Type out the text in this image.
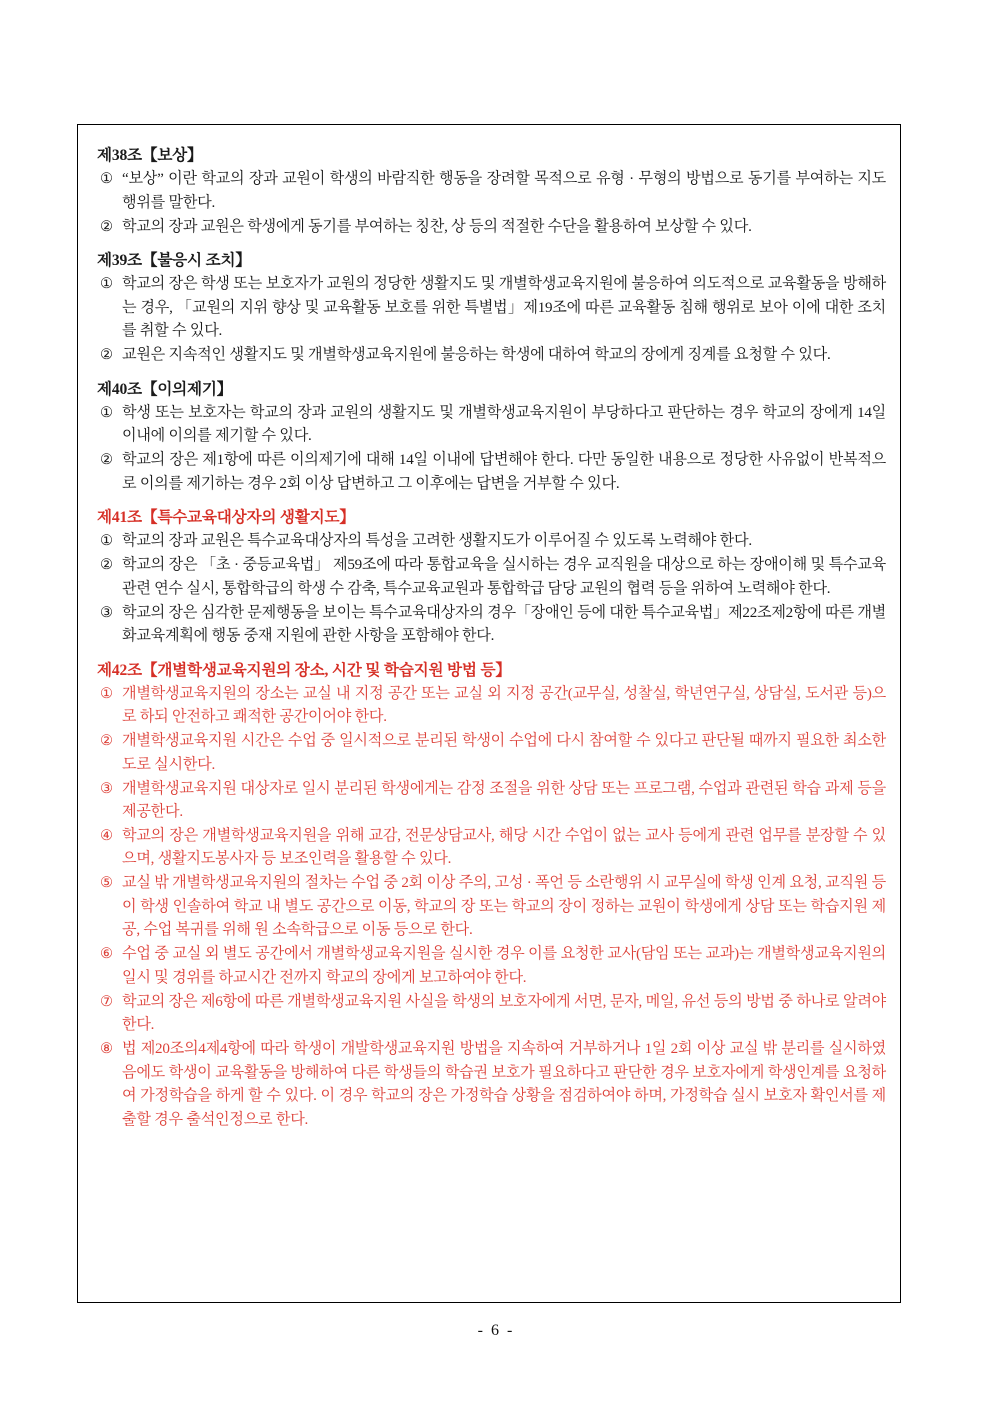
제38조【보상】
① “보상” 이란 학교의 장과 교원이 학생의 바람직한 행동을 장려할 목적으로 유형 · 무형의 방법으로 동기를 부여하는 지도 행위를 말한다.
② 학교의 장과 교원은 학생에게 동기를 부여하는 칭찬, 상 등의 적절한 수단을 활용하여 보상할 수 있다.
제39조【불응시 조치】
① 학교의 장은 학생 또는 보호자가 교원의 정당한 생활지도 및 개별학생교육지원에 불응하여 의도적으로 교육활동을 방해하는 경우, 「교원의 지위 향상 및 교육활동 보호를 위한 특별법」제19조에 따른 교육활동 침해 행위로 보아 이에 대한 조치를 취할 수 있다.
② 교원은 지속적인 생활지도 및 개별학생교육지원에 불응하는 학생에 대하여 학교의 장에게 징계를 요청할 수 있다.
제40조【이의제기】
① 학생 또는 보호자는 학교의 장과 교원의 생활지도 및 개별학생교육지원이 부당하다고 판단하는 경우 학교의 장에게 14일 이내에 이의를 제기할 수 있다.
② 학교의 장은 제1항에 따른 이의제기에 대해 14일 이내에 답변해야 한다. 다만 동일한 내용으로 정당한 사유없이 반복적으로 이의를 제기하는 경우 2회 이상 답변하고 그 이후에는 답변을 거부할 수 있다.
제41조【특수교육대상자의 생활지도】
① 학교의 장과 교원은 특수교육대상자의 특성을 고려한 생활지도가 이루어질 수 있도록 노력해야 한다.
② 학교의 장은 「초 · 중등교육법」 제59조에 따라 통합교육을 실시하는 경우 교직원을 대상으로 하는 장애이해 및 특수교육 관련 연수 실시, 통합학급의 학생 수 감축, 특수교육교원과 통합학급 담당 교원의 협력 등을 위하여 노력해야 한다.
③ 학교의 장은 심각한 문제행동을 보이는 특수교육대상자의 경우「장애인 등에 대한 특수교육법」제22조제2항에 따른 개별화교육계획에 행동 중재 지원에 관한 사항을 포함해야 한다.
제42조【개별학생교육지원의 장소, 시간 및 학습지원 방법 등】
① 개별학생교육지원의 장소는 교실 내 지정 공간 또는 교실 외 지정 공간(교무실, 성찰실, 학년연구실, 상담실, 도서관 등)으로 하되 안전하고 쾌적한 공간이어야 한다.
② 개별학생교육지원 시간은 수업 중 일시적으로 분리된 학생이 수업에 다시 참여할 수 있다고 판단될 때까지 필요한 최소한도로 실시한다.
③ 개별학생교육지원 대상자로 일시 분리된 학생에게는 감정 조절을 위한 상담 또는 프로그램, 수업과 관련된 학습 과제 등을 제공한다.
④ 학교의 장은 개별학생교육지원을 위해 교감, 전문상담교사, 해당 시간 수업이 없는 교사 등에게 관련 업무를 분장할 수 있으며, 생활지도봉사자 등 보조인력을 활용할 수 있다.
⑤ 교실 밖 개별학생교육지원의 절차는 수업 중 2회 이상 주의, 고성 · 폭언 등 소란행위 시 교무실에 학생 인계 요청, 교직원 등이 학생 인솔하여 학교 내 별도 공간으로 이동, 학교의 장 또는 학교의 장이 정하는 교원이 학생에게 상담 또는 학습지원 제공, 수업 복귀를 위해 원 소속학급으로 이동 등으로 한다.
⑥ 수업 중 교실 외 별도 공간에서 개별학생교육지원을 실시한 경우 이를 요청한 교사(담임 또는 교과)는 개별학생교육지원의 일시 및 경위를 하교시간 전까지 학교의 장에게 보고하여야 한다.
⑦ 학교의 장은 제6항에 따른 개별학생교육지원 사실을 학생의 보호자에게 서면, 문자, 메일, 유선 등의 방법 중 하나로 알려야 한다.
⑧ 법 제20조의4제4항에 따라 학생이 개발학생교육지원 방법을 지속하여 거부하거나 1일 2회 이상 교실 밖 분리를 실시하였음에도 학생이 교육활동을 방해하여 다른 학생들의 학습권 보호가 필요하다고 판단한 경우 보호자에게 학생인계를 요청하여 가정학습을 하게 할 수 있다. 이 경우 학교의 장은 가정학습 상황을 점검하여야 하며, 가정학습 실시 보호자 확인서를 제출할 경우 출석인정으로 한다.
- 6 -
